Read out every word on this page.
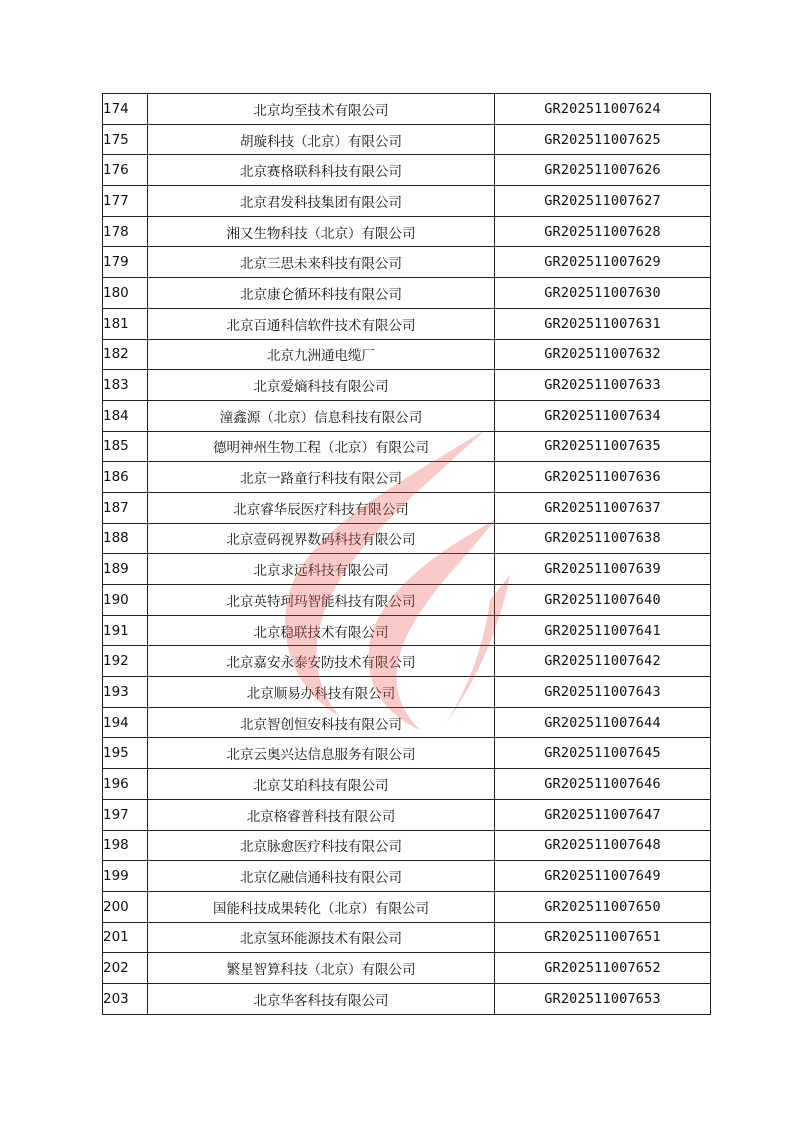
174	北京均至技术有限公司	GR202511007624
175	胡璇科技（北京）有限公司	GR202511007625
176	北京赛格联科科技有限公司	GR202511007626
177	北京君发科技集团有限公司	GR202511007627
178	湘又生物科技（北京）有限公司	GR202511007628
179	北京三思未来科技有限公司	GR202511007629
180	北京康仑循环科技有限公司	GR202511007630
181	北京百通科信软件技术有限公司	GR202511007631
182	北京九洲通电缆厂	GR202511007632
183	北京爱熵科技有限公司	GR202511007633
184	潼鑫源（北京）信息科技有限公司	GR202511007634
185	德明神州生物工程（北京）有限公司	GR202511007635
186	北京一路童行科技有限公司	GR202511007636
187	北京睿华辰医疗科技有限公司	GR202511007637
188	北京壹码视界数码科技有限公司	GR202511007638
189	北京求远科技有限公司	GR202511007639
190	北京英特珂玛智能科技有限公司	GR202511007640
191	北京稳联技术有限公司	GR202511007641
192	北京嘉安永泰安防技术有限公司	GR202511007642
193	北京顺易办科技有限公司	GR202511007643
194	北京智创恒安科技有限公司	GR202511007644
195	北京云奥兴达信息服务有限公司	GR202511007645
196	北京艾珀科技有限公司	GR202511007646
197	北京格睿普科技有限公司	GR202511007647
198	北京脉愈医疗科技有限公司	GR202511007648
199	北京亿融信通科技有限公司	GR202511007649
200	国能科技成果转化（北京）有限公司	GR202511007650
201	北京氢环能源技术有限公司	GR202511007651
202	繁星智算科技（北京）有限公司	GR202511007652
203	北京华客科技有限公司	GR202511007653
